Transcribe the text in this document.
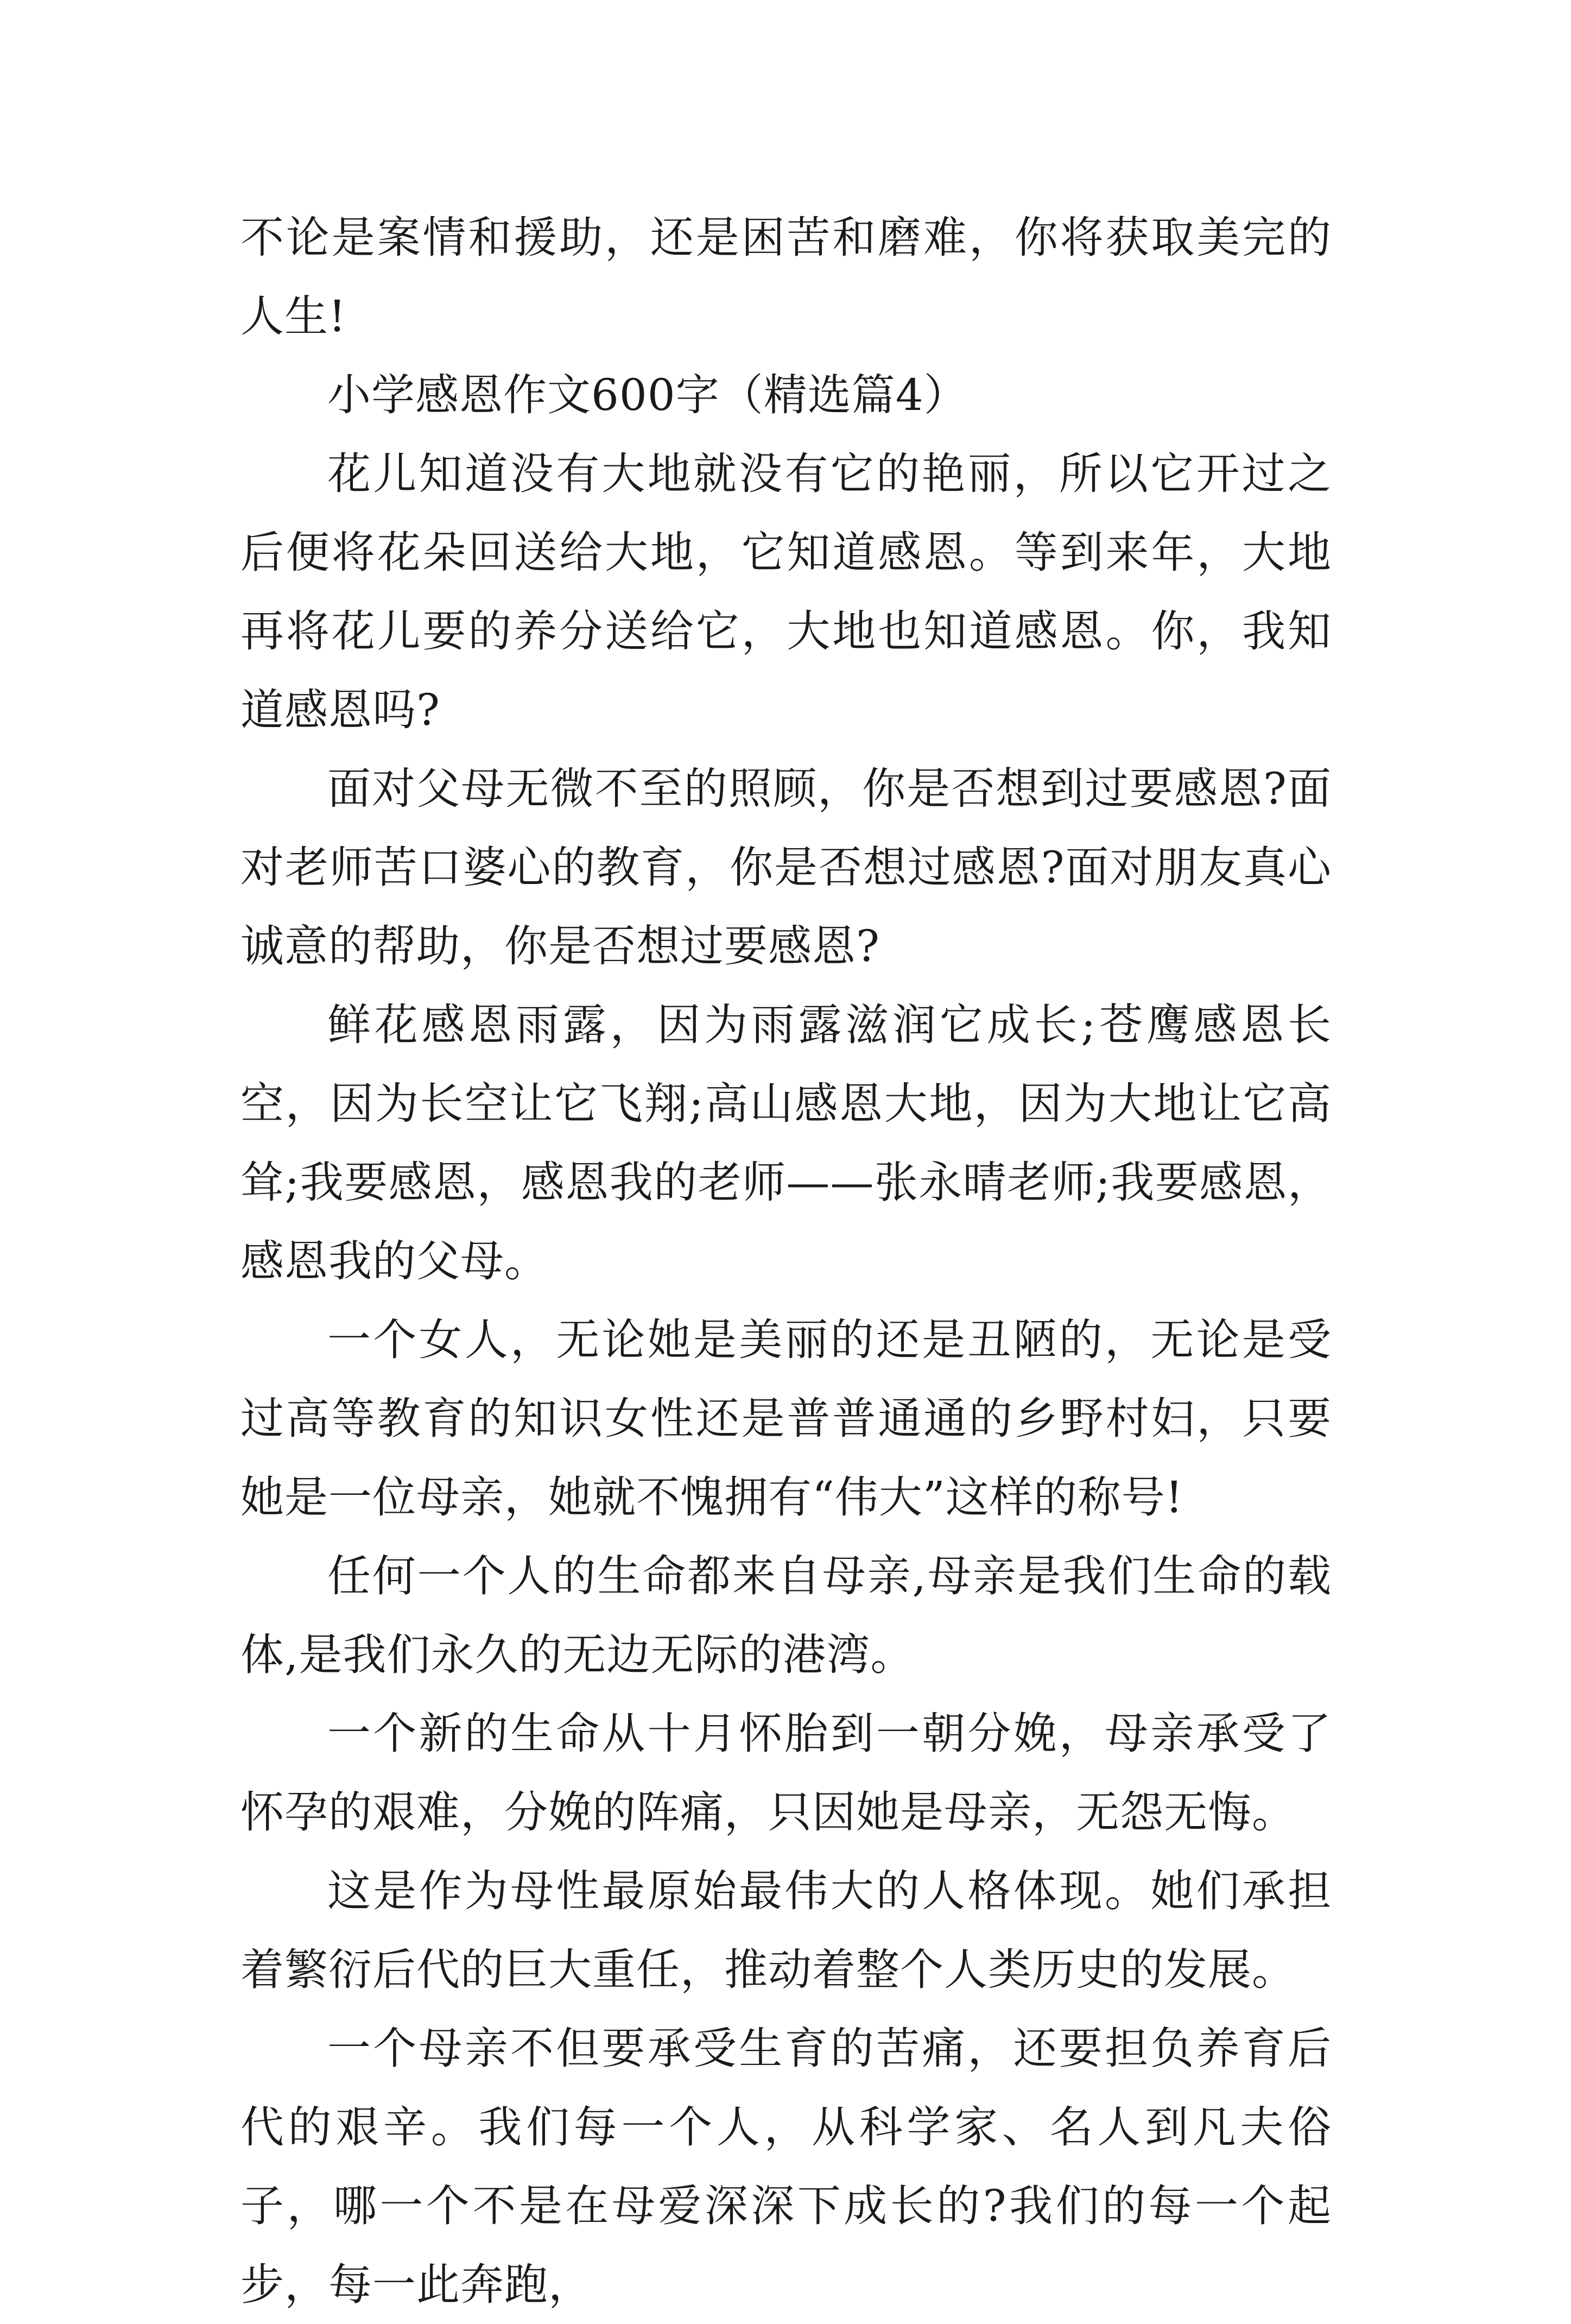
不论是案情和援助，还是困苦和磨难，你将获取美完的人生!

小学感恩作文600字（精选篇4）

花儿知道没有大地就没有它的艳丽，所以它开过之后便将花朵回送给大地，它知道感恩。等到来年，大地再将花儿要的养分送给它，大地也知道感恩。你，我知道感恩吗?

面对父母无微不至的照顾，你是否想到过要感恩?面对老师苦口婆心的教育，你是否想过感恩?面对朋友真心诚意的帮助，你是否想过要感恩?

鲜花感恩雨露，因为雨露滋润它成长;苍鹰感恩长空，因为长空让它飞翔;高山感恩大地，因为大地让它高耸;我要感恩，感恩我的老师——张永晴老师;我要感恩，感恩我的父母。

一个女人，无论她是美丽的还是丑陋的，无论是受过高等教育的知识女性还是普普通通的乡野村妇，只要她是一位母亲，她就不愧拥有“伟大”这样的称号!

任何一个人的生命都来自母亲,母亲是我们生命的载体,是我们永久的无边无际的港湾。

一个新的生命从十月怀胎到一朝分娩，母亲承受了怀孕的艰难，分娩的阵痛，只因她是母亲，无怨无悔。

这是作为母性最原始最伟大的人格体现。她们承担着繁衍后代的巨大重任，推动着整个人类历史的发展。

一个母亲不但要承受生育的苦痛，还要担负养育后代的艰辛。我们每一个人，从科学家、名人到凡夫俗子，哪一个不是在母爱深深下成长的?我们的每一个起步，每一此奔跑，
